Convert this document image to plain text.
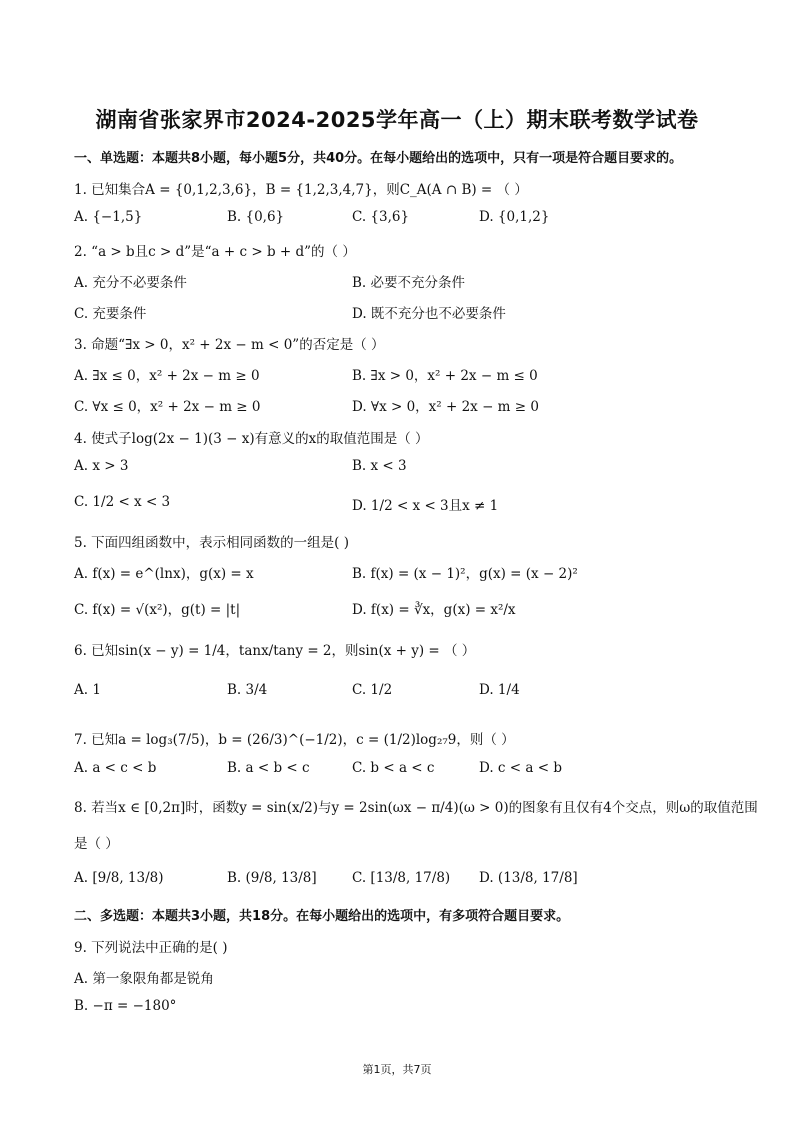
湖南省张家界市2024-2025学年高一（上）期末联考数学试卷
一、单选题：本题共8小题，每小题5分，共40分。在每小题给出的选项中，只有一项是符合题目要求的。
1. 已知集合A = {0,1,2,3,6}，B = {1,2,3,4,7}，则C_A(A ∩ B) = （ ）
A. {−1,5}	B. {0,6}	C. {3,6}	D. {0,1,2}
2. “a > b且c > d”是“a + c > b + d”的（ ）
A. 充分不必要条件	B. 必要不充分条件
C. 充要条件	D. 既不充分也不必要条件
3. 命题“∃x > 0，x² + 2x − m < 0”的否定是（ ）
A. ∃x ≤ 0，x² + 2x − m ≥ 0	B. ∃x > 0，x² + 2x − m ≤ 0
C. ∀x ≤ 0，x² + 2x − m ≥ 0	D. ∀x > 0，x² + 2x − m ≥ 0
4. 使式子log(2x − 1)(3 − x)有意义的x的取值范围是（ ）
A. x > 3	B. x < 3
C. 1/2 < x < 3	D. 1/2 < x < 3且x ≠ 1
5. 下面四组函数中，表示相同函数的一组是( )
A. f(x) = e^(lnx)，g(x) = x	B. f(x) = (x − 1)²，g(x) = (x − 2)²
C. f(x) = √(x²)，g(t) = |t|	D. f(x) = ∛x，g(x) = x²/x
6. 已知sin(x − y) = 1/4，tanx/tany = 2，则sin(x + y) = （ ）
A. 1	B. 3/4	C. 1/2	D. 1/4
7. 已知a = log₃(7/5)，b = (26/3)^(−1/2)，c = (1/2)log₂₇9，则（ ）
A. a < c < b	B. a < b < c	C. b < a < c	D. c < a < b
8. 若当x ∈ [0,2π]时，函数y = sin(x/2)与y = 2sin(ωx − π/4)(ω > 0)的图象有且仅有4个交点，则ω的取值范围
是（ ）
A. [9/8, 13/8)	B. (9/8, 13/8]	C. [13/8, 17/8) D. (13/8, 17/8]
二、多选题：本题共3小题，共18分。在每小题给出的选项中，有多项符合题目要求。
9. 下列说法中正确的是( )
A. 第一象限角都是锐角
B. −π = −180°
第1页，共7页
